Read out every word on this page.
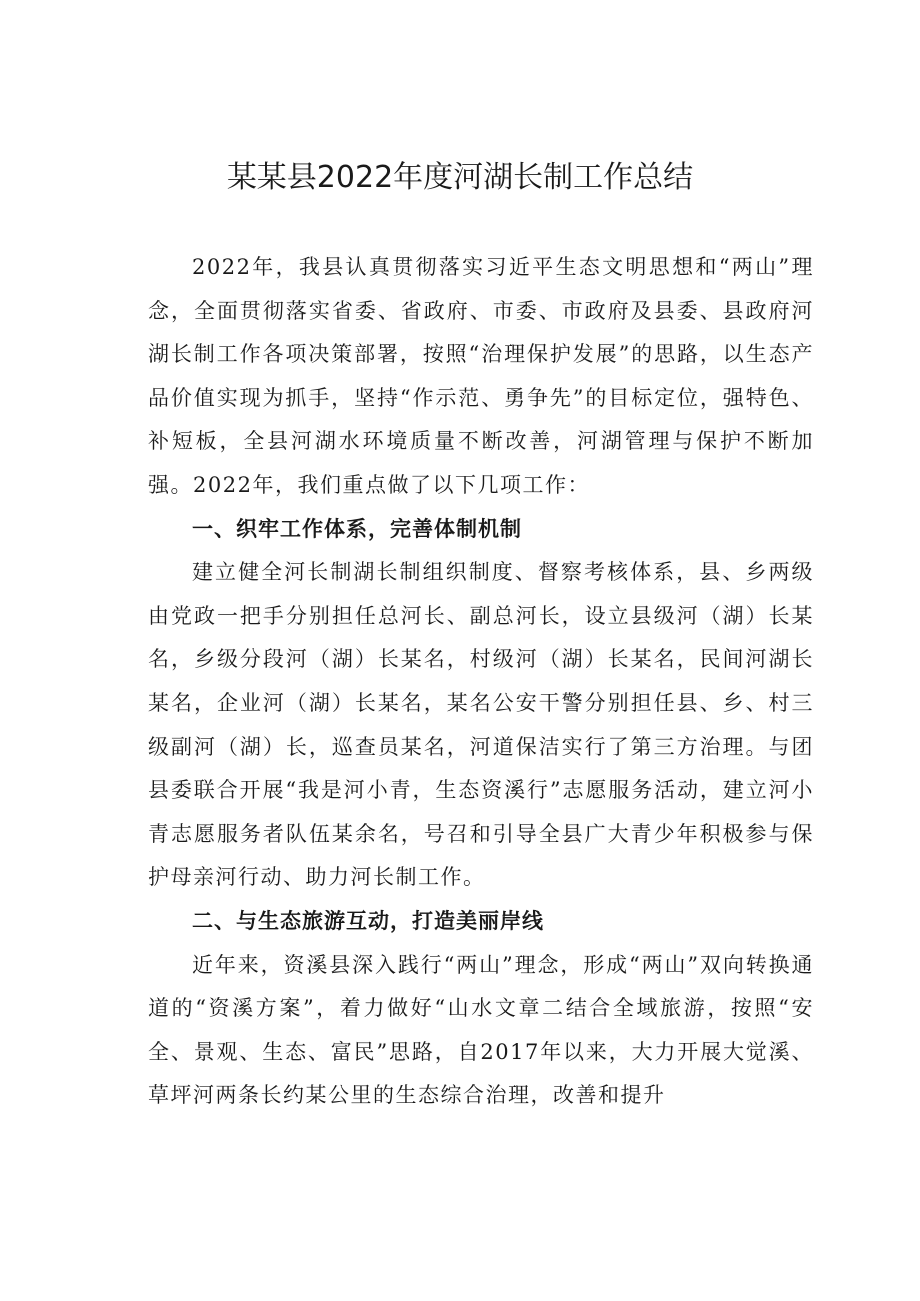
某某县2022年度河湖长制工作总结

2022年，我县认真贯彻落实习近平生态文明思想和“两山”理念，全面贯彻落实省委、省政府、市委、市政府及县委、县政府河湖长制工作各项决策部署，按照“治理保护发展”的思路，以生态产品价值实现为抓手，坚持“作示范、勇争先”的目标定位，强特色、补短板，全县河湖水环境质量不断改善，河湖管理与保护不断加强。2022年，我们重点做了以下几项工作：

一、织牢工作体系，完善体制机制

建立健全河长制湖长制组织制度、督察考核体系，县、乡两级由党政一把手分别担任总河长、副总河长，设立县级河（湖）长某名，乡级分段河（湖）长某名，村级河（湖）长某名，民间河湖长某名，企业河（湖）长某名，某名公安干警分别担任县、乡、村三级副河（湖）长，巡查员某名，河道保洁实行了第三方治理。与团县委联合开展“我是河小青，生态资溪行”志愿服务活动，建立河小青志愿服务者队伍某余名，号召和引导全县广大青少年积极参与保护母亲河行动、助力河长制工作。

二、与生态旅游互动，打造美丽岸线

近年来，资溪县深入践行“两山”理念，形成“两山”双向转换通道的“资溪方案”，着力做好“山水文章二结合全域旅游，按照“安全、景观、生态、富民”思路，自2017年以来，大力开展大觉溪、草坪河两条长约某公里的生态综合治理，改善和提升
